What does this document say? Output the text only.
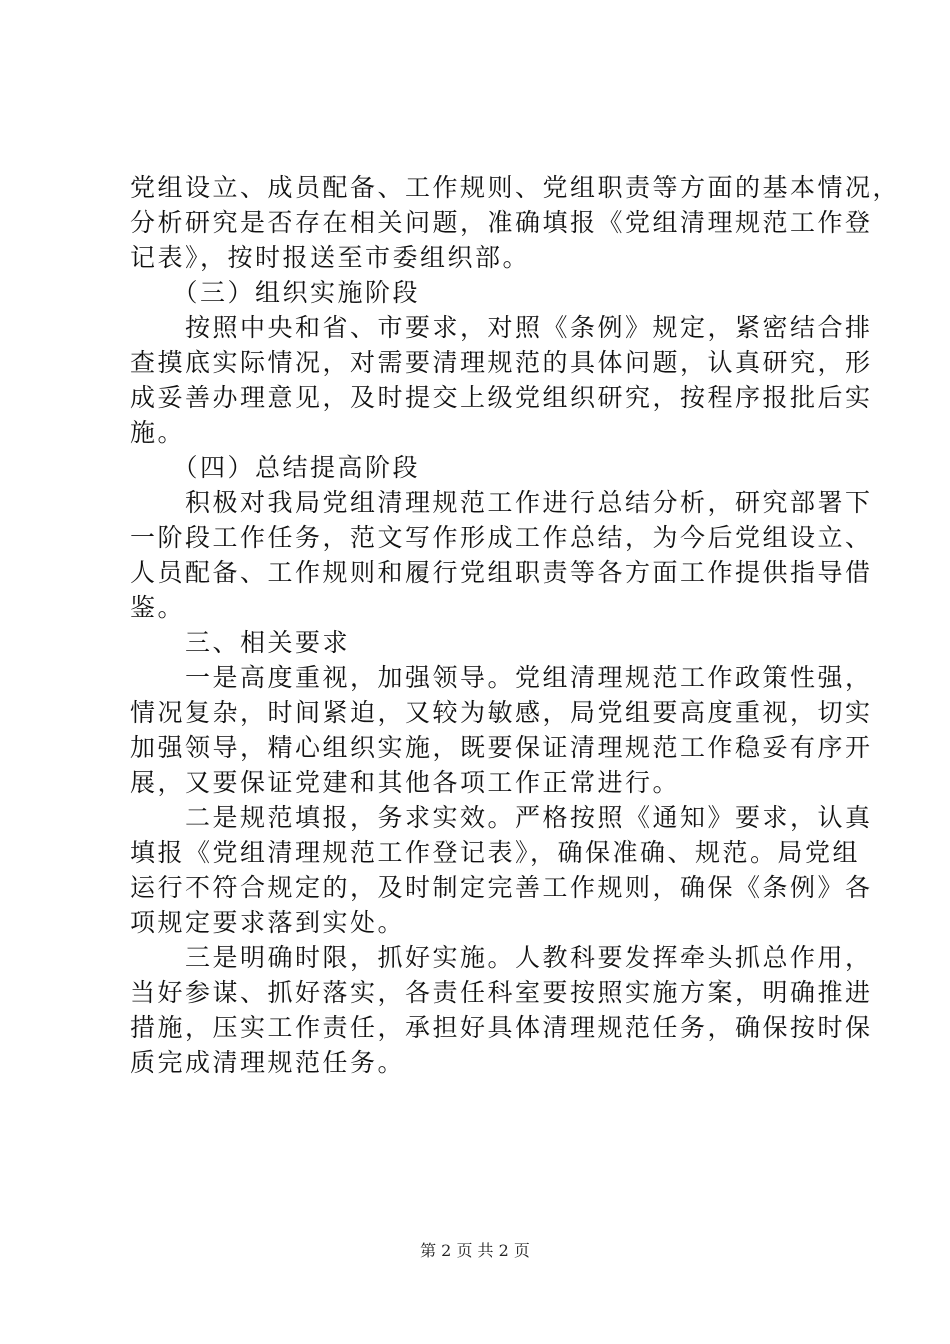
党组设立、成员配备、工作规则、党组职责等方面的基本情况，
分析研究是否存在相关问题，准确填报《党组清理规范工作登
记表》，按时报送至市委组织部。
　　（三）组织实施阶段
　　按照中央和省、市要求，对照《条例》规定，紧密结合排
查摸底实际情况，对需要清理规范的具体问题，认真研究，形
成妥善办理意见，及时提交上级党组织研究，按程序报批后实
施。
　　（四）总结提高阶段
　　积极对我局党组清理规范工作进行总结分析，研究部署下
一阶段工作任务，范文写作形成工作总结，为今后党组设立、
人员配备、工作规则和履行党组职责等各方面工作提供指导借
鉴。
　　三、相关要求
　　一是高度重视，加强领导。党组清理规范工作政策性强，
情况复杂，时间紧迫，又较为敏感，局党组要高度重视，切实
加强领导，精心组织实施，既要保证清理规范工作稳妥有序开
展，又要保证党建和其他各项工作正常进行。
　　二是规范填报，务求实效。严格按照《通知》要求，认真
填报《党组清理规范工作登记表》，确保准确、规范。局党组
运行不符合规定的，及时制定完善工作规则，确保《条例》各
项规定要求落到实处。
　　三是明确时限，抓好实施。人教科要发挥牵头抓总作用，
当好参谋、抓好落实，各责任科室要按照实施方案，明确推进
措施，压实工作责任，承担好具体清理规范任务，确保按时保
质完成清理规范任务。
第 2 页 共 2 页
